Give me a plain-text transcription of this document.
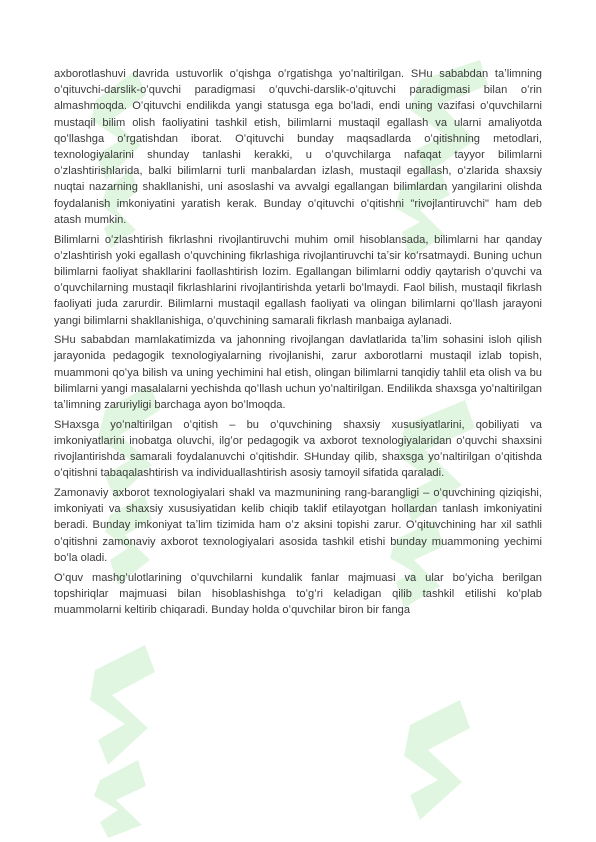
axborotlashuvi davrida ustuvorlik oʻqishga oʻrgatishga yoʻnaltirilgan. SHu sababdan taʼlimning oʻqituvchi-darslik-oʻquvchi paradigmasi oʻquvchi-darslik-oʻqituvchi paradigmasi bilan oʻrin almashmoqda. Oʻqituvchi endilikda yangi statusga ega boʻladi, endi uning vazifasi oʻquvchilarni mustaqil bilim olish faoliyatini tashkil etish, bilimlarni mustaqil egallash va ularni amaliyotda qoʻllashga oʻrgatishdan iborat. Oʻqituvchi bunday maqsadlarda oʻqitishning metodlari, texnologiyalarini shunday tanlashi kerakki, u oʻquvchilarga nafaqat tayyor bilimlarni oʻzlashtirishlarida, balki bilimlarni turli manbalardan izlash, mustaqil egallash, oʻzlarida shaxsiy nuqtai nazarning shakllanishi, uni asoslashi va avvalgi egallangan bilimlardan yangilarini olishda foydalanish imkoniyatini yaratish kerak. Bunday oʻqituvchi oʻqitishni "rivojlantiruvchi" ham deb atash mumkin.

Bilimlarni oʻzlashtirish fikrlashni rivojlantiruvchi muhim omil hisoblansada, bilimlarni har qanday oʻzlashtirish yoki egallash oʻquvchining fikrlashiga rivojlantiruvchi taʼsir koʻrsatmaydi. Buning uchun bilimlarni faoliyat shakllarini faollashtirish lozim. Egallangan bilimlarni oddiy qaytarish oʻquvchi va oʻquvchilarning mustaqil fikrlashlarini rivojlantirishda yetarli boʻlmaydi. Faol bilish, mustaqil fikrlash faoliyati juda zarurdir. Bilimlarni mustaqil egallash faoliyati va olingan bilimlarni qoʻllash jarayoni yangi bilimlarni shakllanishiga, oʻquvchining samarali fikrlash manbaiga aylanadi.

SHu sababdan mamlakatimizda va jahonning rivojlangan davlatlarida taʼlim sohasini isloh qilish jarayonida pedagogik texnologiyalarning rivojlanishi, zarur axborotlarni mustaqil izlab topish, muammoni qoʻya bilish va uning yechimini hal etish, olingan bilimlarni tanqidiy tahlil eta olish va bu bilimlarni yangi masalalarni yechishda qoʻllash uchun yoʻnaltirilgan. Endilikda shaxsga yoʻnaltirilgan taʼlimning zaruriyligi barchaga ayon boʻlmoqda.

SHaxsga yoʻnaltirilgan oʻqitish – bu oʻquvchining shaxsiy xususiyatlarini, qobiliyati va imkoniyatlarini inobatga oluvchi, ilgʻor pedagogik va axborot texnologiyalaridan oʻquvchi shaxsini rivojlantirishda samarali foydalanuvchi oʻqitishdir. SHunday qilib, shaxsga yoʻnaltirilgan oʻqitishda oʻqitishni tabaqalashtirish va individuallashtirish asosiy tamoyil sifatida qaraladi.

Zamonaviy axborot texnologiyalari shakl va mazmunining rang-barangligi – oʻquvchining qiziqishi, imkoniyati va shaxsiy xususiyatidan kelib chiqib taklif etilayotgan hollardan tanlash imkoniyatini beradi. Bunday imkoniyat taʼlim tizimida ham oʻz aksini topishi zarur. Oʻqituvchining har xil sathli oʻqitishni zamonaviy axborot texnologiyalari asosida tashkil etishi bunday muammoning yechimi boʻla oladi.

Oʻquv mashgʻulotlarining oʻquvchilarni kundalik fanlar majmuasi va ular boʻyicha berilgan topshiriqlar majmuasi bilan hisoblashishga toʻgʻri keladigan qilib tashkil etilishi koʻplab muammolarni keltirib chiqaradi. Bunday holda oʻquvchilar biron bir fanga
